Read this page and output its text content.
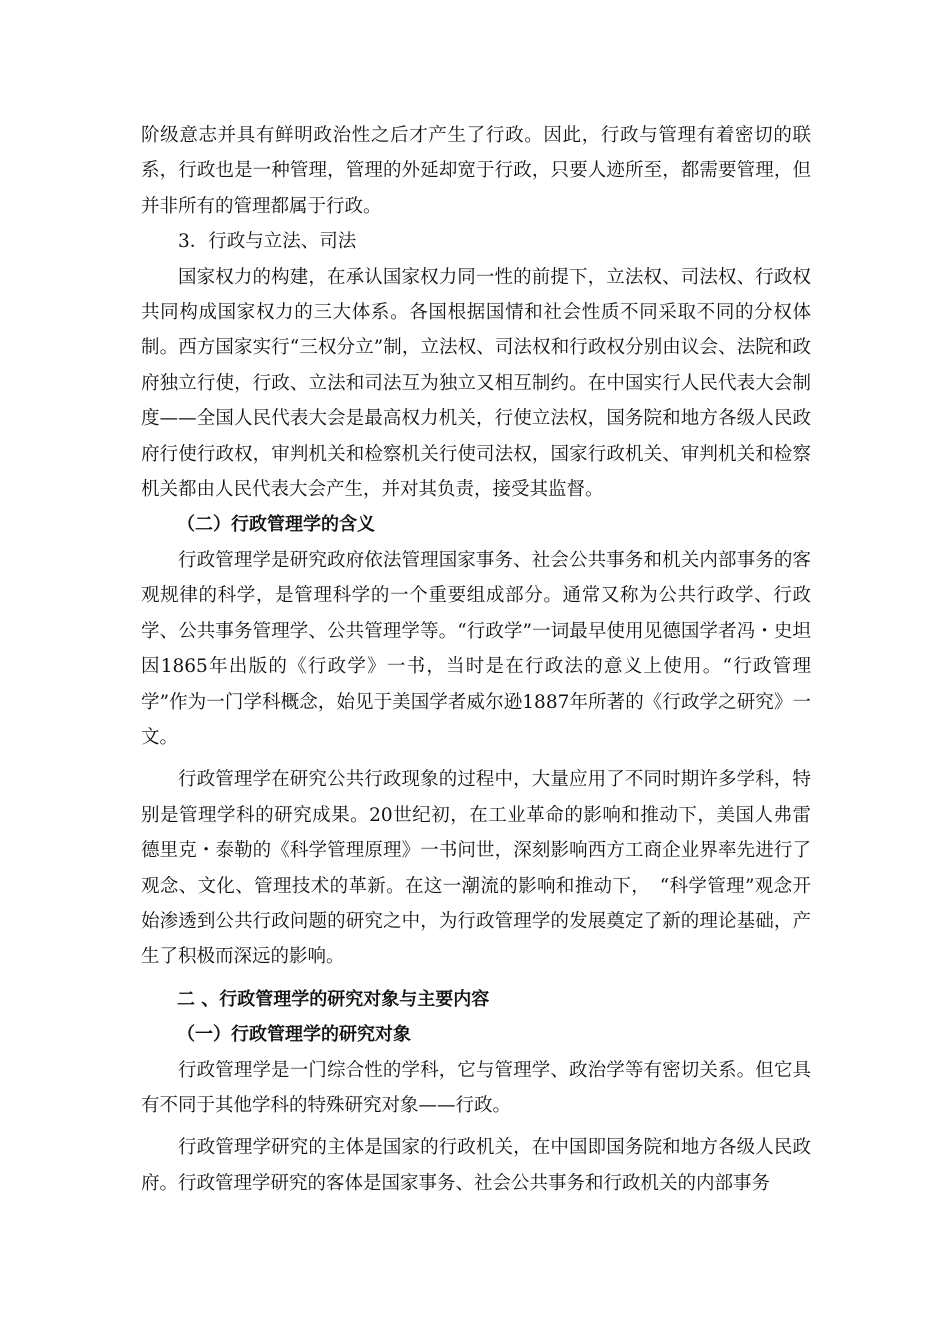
阶级意志并具有鲜明政治性之后才产生了行政。因此，行政与管理有着密切的联系，行政也是一种管理，管理的外延却宽于行政，只要人迹所至，都需要管理，但并非所有的管理都属于行政。

3．行政与立法、司法

国家权力的构建，在承认国家权力同一性的前提下，立法权、司法权、行政权共同构成国家权力的三大体系。各国根据国情和社会性质不同采取不同的分权体制。西方国家实行“三权分立”制，立法权、司法权和行政权分别由议会、法院和政府独立行使，行政、立法和司法互为独立又相互制约。在中国实行人民代表大会制度——全国人民代表大会是最高权力机关，行使立法权，国务院和地方各级人民政府行使行政权，审判机关和检察机关行使司法权，国家行政机关、审判机关和检察机关都由人民代表大会产生，并对其负责，接受其监督。

（二）行政管理学的含义

行政管理学是研究政府依法管理国家事务、社会公共事务和机关内部事务的客观规律的科学，是管理科学的一个重要组成部分。通常又称为公共行政学、行政学、公共事务管理学、公共管理学等。“行政学”一词最早使用见德国学者冯・史坦因1865年出版的《行政学》一书，当时是在行政法的意义上使用。“行政管理学”作为一门学科概念，始见于美国学者威尔逊1887年所著的《行政学之研究》一文。

行政管理学在研究公共行政现象的过程中，大量应用了不同时期许多学科，特别是管理学科的研究成果。20世纪初，在工业革命的影响和推动下，美国人弗雷德里克・泰勒的《科学管理原理》一书问世，深刻影响西方工商企业界率先进行了观念、文化、管理技术的革新。在这一潮流的影响和推动下，　“科学管理”观念开始渗透到公共行政问题的研究之中，为行政管理学的发展奠定了新的理论基础，产生了积极而深远的影响。

二 、行政管理学的研究对象与主要内容

（一）行政管理学的研究对象

行政管理学是一门综合性的学科，它与管理学、政治学等有密切关系。但它具有不同于其他学科的特殊研究对象——行政。

行政管理学研究的主体是国家的行政机关，在中国即国务院和地方各级人民政府。行政管理学研究的客体是国家事务、社会公共事务和行政机关的内部事务
